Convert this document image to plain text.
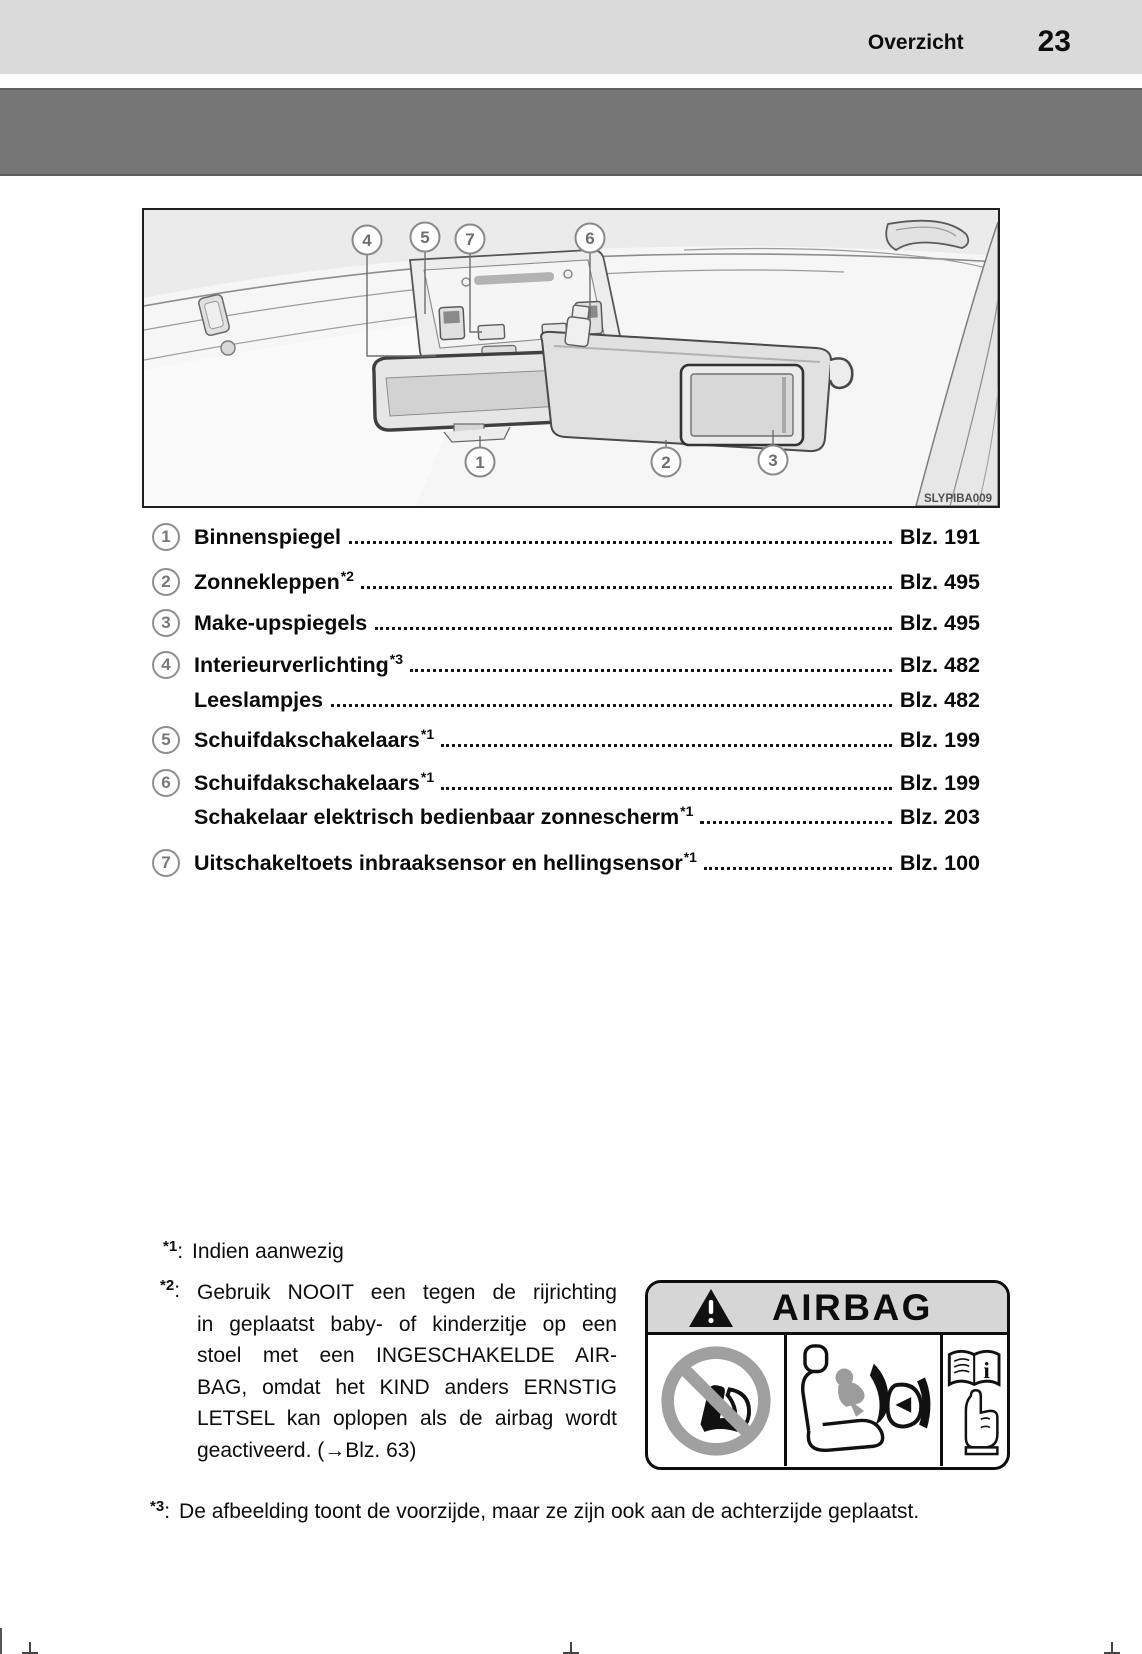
Overzicht 23
4	5 7	6
1	2	3
SLYPIBA009
1	Binnenspiegel	Blz. 191
2	Zonnekleppen$^{*2}$	Blz. 495
3	Make-upspiegels	Blz. 495
4	Interieurverlichting$^{*3}$	Blz. 482
Leeslampjes	Blz. 482
5	Schuifdakschakelaars$^{*1}$	Blz. 199
6	Schuifdakschakelaars$^{*1}$	Blz. 199
Schakelaar elektrisch bedienbaar zonnescherm$^{*1}$	Blz. 203
7	Uitschakeltoets inbraaksensor en hellingsensor$^{*1}$	Blz. 100
*1: Indien aanwezig
*2: Gebruik NOOIT een tegen de rijrichting
in geplaatst baby- of kinderzitje op een
stoel met een INGESCHAKELDE AIR-
BAG, omdat het KIND anders ERNSTIG
LETSEL kan oplopen als de airbag wordt
geactiveerd. (→Blz. 63)
AIRBAG
i
*3: De afbeelding toont de voorzijde, maar ze zijn ook aan de achterzijde geplaatst.
